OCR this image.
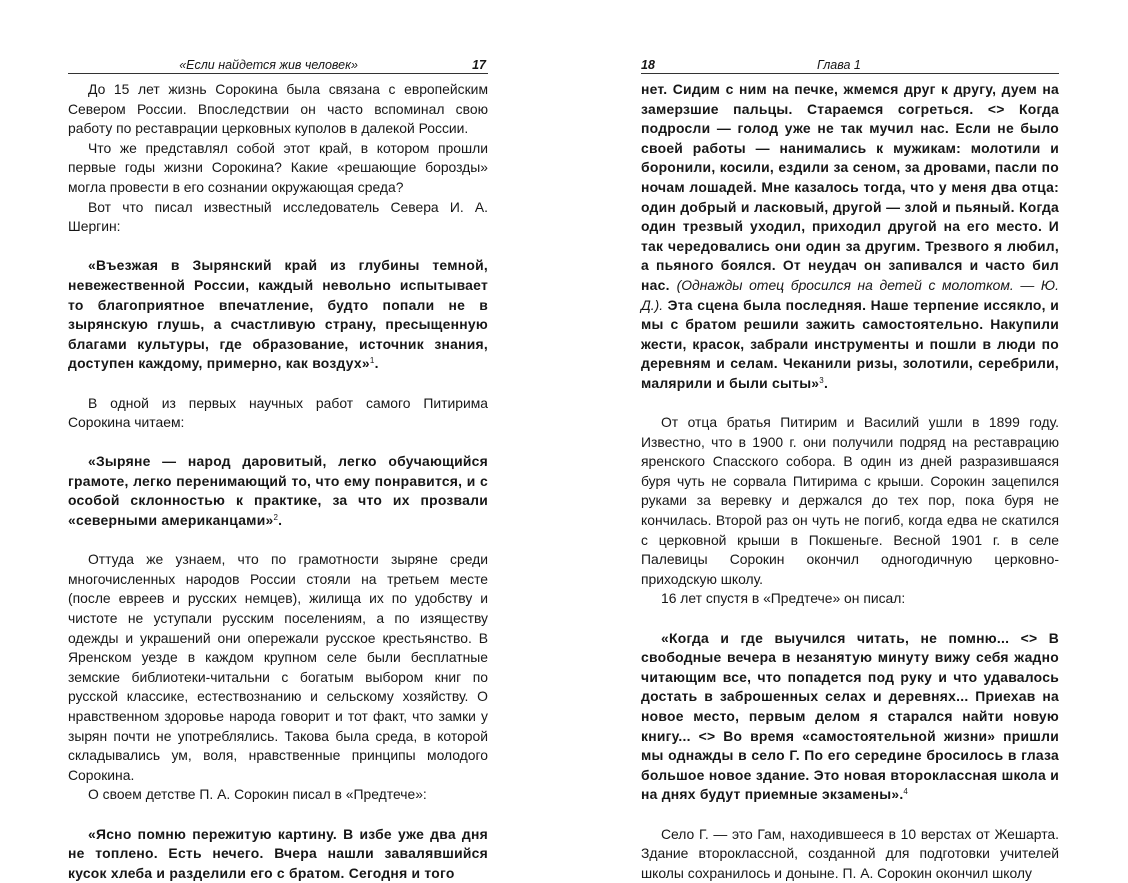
«Если найдется жив человек»	17

До 15 лет жизнь Сорокина была связана с европейским Севером России. Впоследствии он часто вспоминал свою работу по реставрации церковных куполов в далекой России.

Что же представлял собой этот край, в котором прошли первые годы жизни Сорокина? Какие «решающие борозды» могла провести в его сознании окружающая среда?

Вот что писал известный исследователь Севера И. А. Шергин:

«Въезжая в Зырянский край из глубины темной, невежественной России, каждый невольно испытывает то благоприятное впечатление, будто попали не в зырянскую глушь, а счастливую страну, пресыщенную благами культуры, где образование, источник знания, доступен каждому, примерно, как воздух»$^1$.

В одной из первых научных работ самого Питирима Сорокина читаем:

«Зыряне — народ даровитый, легко обучающийся грамоте, легко перенимающий то, что ему понравится, и с особой склонностью к практике, за что их прозвали «северными американцами»$^2$.

Оттуда же узнаем, что по грамотности зыряне среди многочисленных народов России стояли на третьем месте (после евреев и русских немцев), жилища их по удобству и чистоте не уступали русским поселениям, а по изяществу одежды и украшений они опережали русское крестьянство. В Яренском уезде в каждом крупном селе были бесплатные земские библиотеки-читальни с богатым выбором книг по русской классике, естествознанию и сельскому хозяйству. О нравственном здоровье народа говорит и тот факт, что замки у зырян почти не употреблялись. Такова была среда, в которой складывались ум, воля, нравственные принципы молодого Сорокина.

О своем детстве П. А. Сорокин писал в «Предтече»:

«Ясно помню пережитую картину. В избе уже два дня не топлено. Есть нечего. Вчера нашли завалявшийся кусок хлеба и разделили его с братом. Сегодня и того

18	Глава 1

нет. Сидим с ним на печке, жмемся друг к другу, дуем на замерзшие пальцы. Стараемся согреться. <> Когда подросли — голод уже не так мучил нас. Если не было своей работы — нанимались к мужикам: молотили и боронили, косили, ездили за сеном, за дровами, пасли по ночам лошадей. Мне казалось тогда, что у меня два отца: один добрый и ласковый, другой — злой и пьяный. Когда один трезвый уходил, приходил другой на его место. И так чередовались они один за другим. Трезвого я любил, а пьяного боялся. От неудач он запивался и часто бил нас. (Однажды отец бросился на детей с молотком. — Ю. Д.). Эта сцена была последняя. Наше терпение иссякло, и мы с братом решили зажить самостоятельно. Накупили жести, красок, забрали инструменты и пошли в люди по деревням и селам. Чеканили ризы, золотили, серебрили, малярили и были сыты»$^3$.

От отца братья Питирим и Василий ушли в 1899 году. Известно, что в 1900 г. они получили подряд на реставрацию яренского Спасского собора. В один из дней разразившаяся буря чуть не сорвала Питирима с крыши. Сорокин зацепился руками за веревку и держался до тех пор, пока буря не кончилась. Второй раз он чуть не погиб, когда едва не скатился с церковной крыши в Покшеньге. Весной 1901 г. в селе Палевицы Сорокин окончил одногодичную церковно-приходскую школу.

16 лет спустя в «Предтече» он писал:

«Когда и где выучился читать, не помню... <> В свободные вечера в незанятую минуту вижу себя жадно читающим все, что попадется под руку и что удавалось достать в заброшенных селах и деревнях... Приехав на новое место, первым делом я старался найти новую книгу... <> Во время «самостоятельной жизни» пришли мы однажды в село Г. По его середине бросилось в глаза большое новое здание. Это новая второклассная школа и на днях будут приемные экзамены».$^4$

Село Г. — это Гам, находившееся в 10 верстах от Жешарта. Здание второклассной, созданной для подготовки учителей школы сохранилось и доныне. П. А. Сорокин окончил школу
